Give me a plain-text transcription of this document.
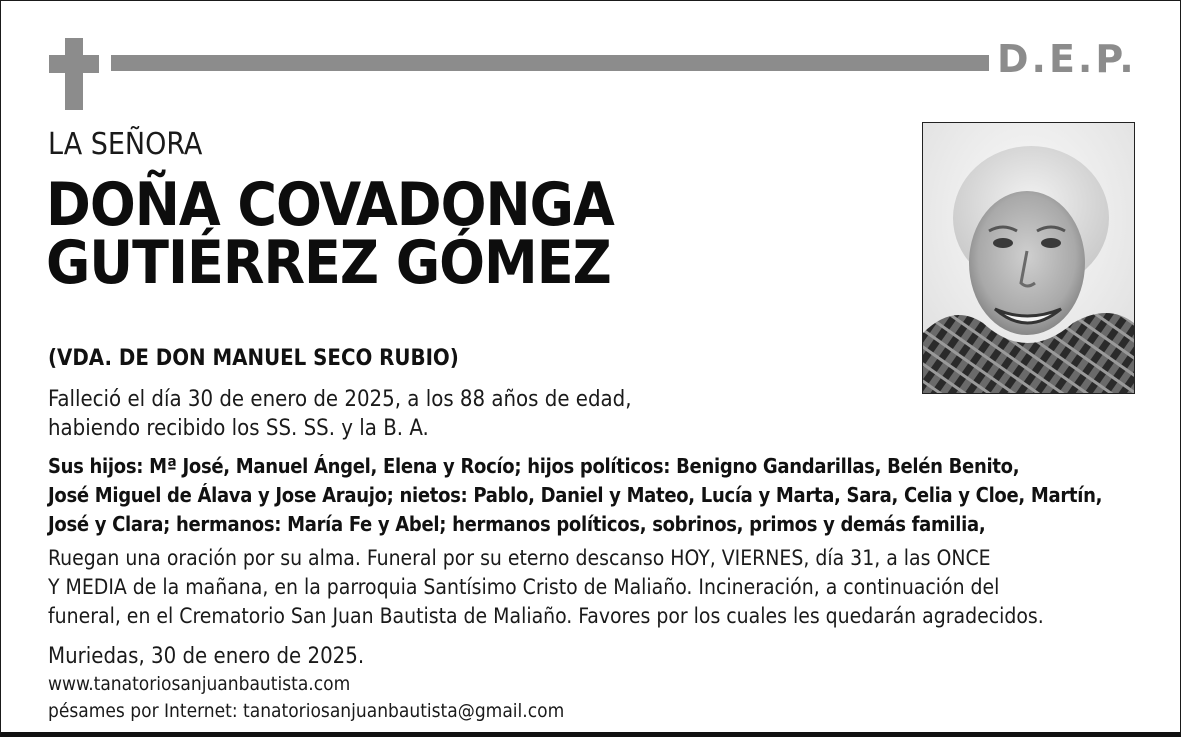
D.E.P.

LA SEÑORA

DOÑA COVADONGA

GUTIÉRREZ GÓMEZ

(VDA. DE DON MANUEL SECO RUBIO)

Falleció el día 30 de enero de 2025, a los 88 años de edad,
habiendo recibido los SS. SS. y la B. A.
Sus hijos: Mª José, Manuel Ángel, Elena y Rocío; hijos políticos: Benigno Gandarillas, Belén Benito,
José Miguel de Álava y Jose Araujo; nietos: Pablo, Daniel y Mateo, Lucía y Marta, Sara, Celia y Cloe, Martín,
José y Clara; hermanos: María Fe y Abel; hermanos políticos, sobrinos, primos y demás familia,
Ruegan una oración por su alma. Funeral por su eterno descanso HOY, VIERNES, día 31, a las ONCE
Y MEDIA de la mañana, en la parroquia Santísimo Cristo de Maliaño. Incineración, a continuación del
funeral, en el Crematorio San Juan Bautista de Maliaño. Favores por los cuales les quedarán agradecidos.

Muriedas, 30 de enero de 2025.

www.tanatoriosanjuanbautista.com
pésames por Internet: tanatoriosanjuanbautista@gmail.com
